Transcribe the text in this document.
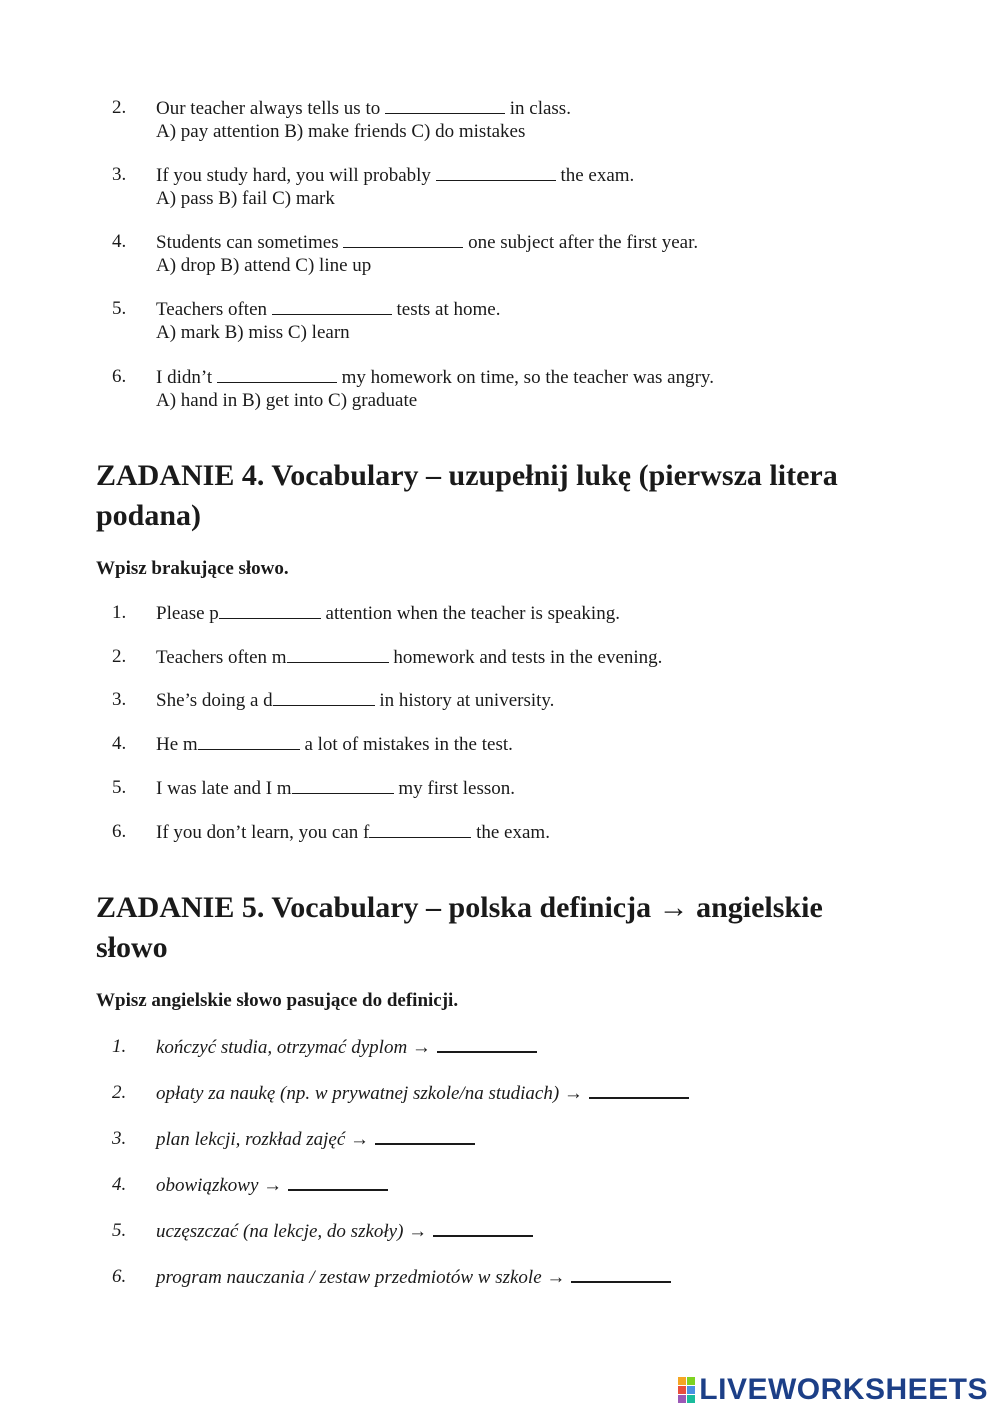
2. Our teacher always tells us to	in class.
A) pay attention B) make friends C) do mistakes
3. If you study hard, you will probably	the exam.
A) pass B) fail C) mark
4. Students can sometimes	one subject after the first year.
A) drop B) attend C) line up
5. Teachers often	tests at home.
A) mark B) miss C) learn
6. I didn’t	my homework on time, so the teacher was angry.
A) hand in B) get into C) graduate
ZADANIE 4. Vocabulary – uzupełnij lukę (pierwsza litera podana)
Wpisz brakujące słowo.
1. Please p	attention when the teacher is speaking.
2. Teachers often m	homework and tests in the evening.
3. She’s doing a d	in history at university.
4. He m	a lot of mistakes in the test.
5. I was late and I m	my first lesson.
6. If you don’t learn, you can f	the exam.
ZADANIE 5. Vocabulary – polska definicja → angielskie słowo
Wpisz angielskie słowo pasujące do definicji.
1. kończyć studia, otrzymać dyplom →
2. opłaty za naukę (np. w prywatnej szkole/na studiach) →
3. plan lekcji, rozkład zajęć →
4. obowiązkowy →
5. uczęszczać (na lekcje, do szkoły) →
6. program nauczania / zestaw przedmiotów w szkole →
LIVEWORKSHEETS
